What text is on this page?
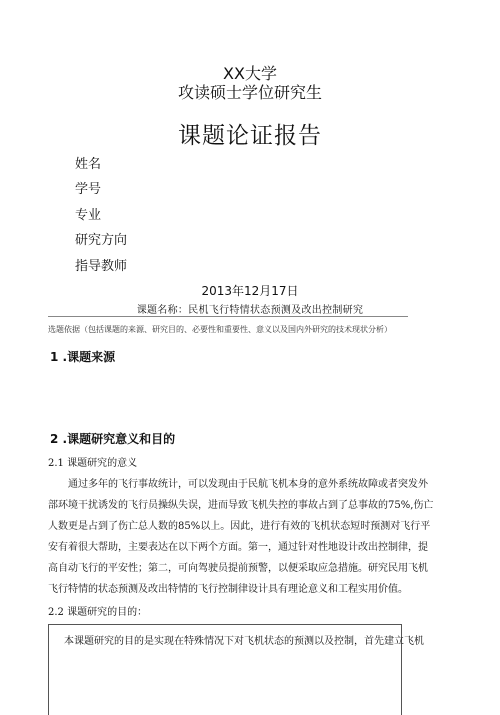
XX大学
攻读硕士学位研究生
课题论证报告
姓名
学号
专业
研究方向
指导教师
2013年12月17日
课题名称：民机飞行特情状态预测及改出控制研究
选题依据（包括课题的来源、研究目的、必要性和重要性、意义以及国内外研究的技术现状分析）
1 .课题来源
2 .课题研究意义和目的
2.1 课题研究的意义

通过多年的飞行事故统计，可以发现由于民航飞机本身的意外系统故障或者突发外
部环境干扰诱发的飞行员操纵失误，进而导致飞机失控的事故占到了总事故的75%,伤亡
人数更是占到了伤亡总人数的85%以上。因此，进行有效的飞机状态短时预测对飞行平
安有着很大帮助，主要表达在以下两个方面。第一，通过针对性地设计改出控制律，提
高自动飞行的平安性；第二，可向驾驶员提前预警，以便采取应急措施。研究民用飞机
飞行特情的状态预测及改出特情的飞行控制律设计具有理论意义和工程实用价值。

2.2 课题研究的目的：
本课题研究的目的是实现在特殊情况下对飞机状态的预测以及控制，首先建立飞机
